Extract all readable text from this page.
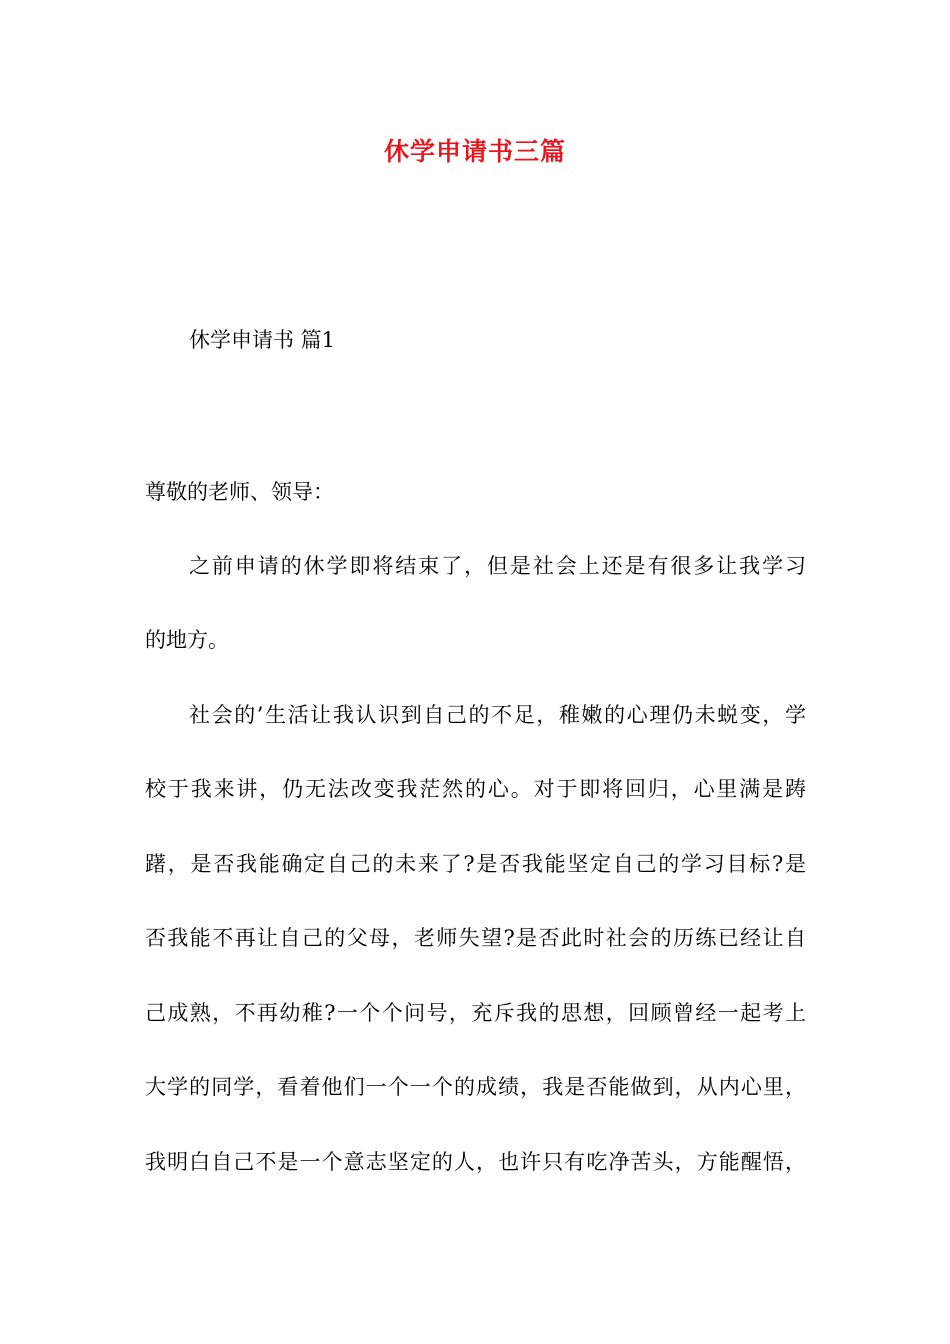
休学申请书三篇
休学申请书 篇1
尊敬的老师、领导：
之前申请的休学即将结束了，但是社会上还是有很多让我学习
的地方。
社会的’生活让我认识到自己的不足，稚嫩的心理仍未蜕变，学
校于我来讲，仍无法改变我茫然的心。对于即将回归，心里满是踌
躇，是否我能确定自己的未来了?是否我能坚定自己的学习目标?是
否我能不再让自己的父母，老师失望?是否此时社会的历练已经让自
己成熟，不再幼稚?一个个问号，充斥我的思想，回顾曾经一起考上
大学的同学，看着他们一个一个的成绩，我是否能做到，从内心里，
我明白自己不是一个意志坚定的人，也许只有吃净苦头，方能醒悟，
